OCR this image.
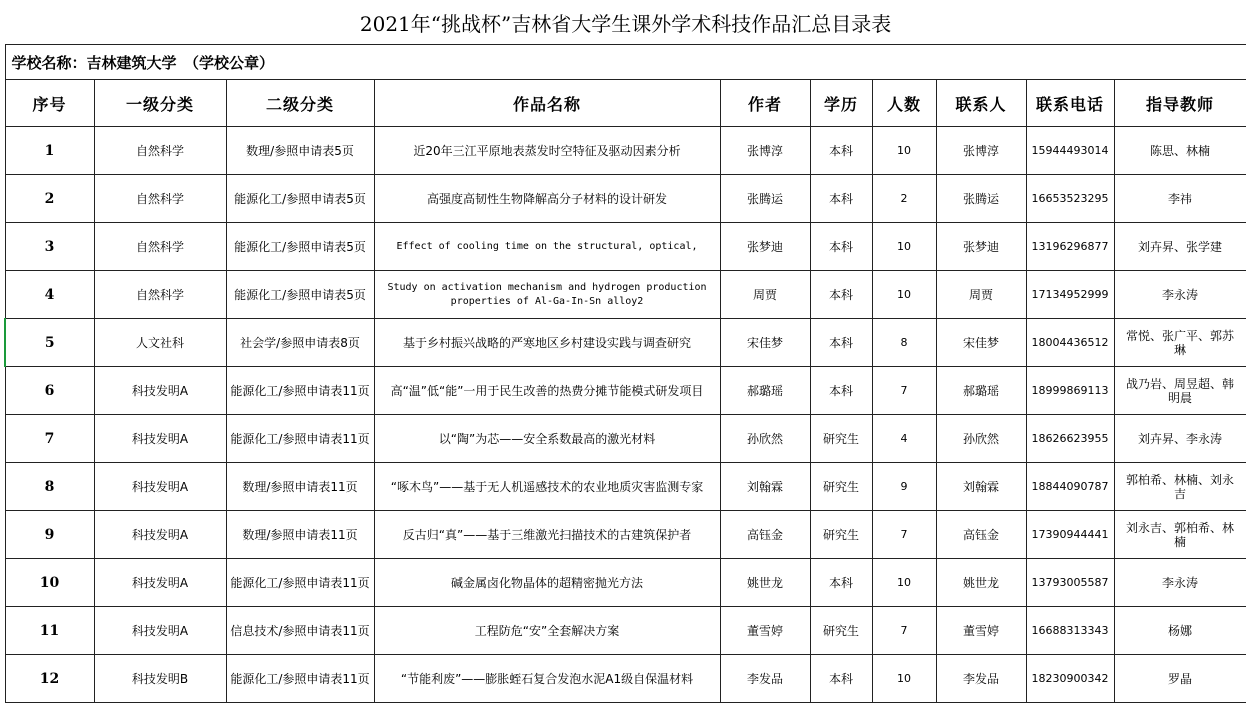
2021年“挑战杯”吉林省大学生课外学术科技作品汇总目录表									
学校名称：吉林建筑大学　（学校公章）									
序号	一级分类	二级分类	作品名称	作者	学历	人数	联系人	联系电话	指导教师
1	自然科学	数理/参照申请表5页	近20年三江平原地表蒸发时空特征及驱动因素分析	张博淳	本科	10	张博淳	15944493014	陈思、林楠
2	自然科学	能源化工/参照申请表5页	高强度高韧性生物降解高分子材料的设计研发	张腾运	本科	2	张腾运	16653523295	李祎
3	自然科学	能源化工/参照申请表5页	Effect of cooling time on the structural, optical,	张梦迪	本科	10	张梦迪	13196296877	刘卉昇、张学建
4	自然科学	能源化工/参照申请表5页	Study on activation mechanism and hydrogen production properties of Al-Ga-In-Sn alloy2	周贾	本科	10	周贾	17134952999	李永涛
5	人文社科	社会学/参照申请表8页	基于乡村振兴战略的严寒地区乡村建设实践与调查研究	宋佳梦	本科	8	宋佳梦	18004436512	常悦、张广平、郭苏琳
6	科技发明A	能源化工/参照申请表11页	高“温”低“能”一用于民生改善的热费分摊节能模式研发项目	郝璐瑶	本科	7	郝璐瑶	18999869113	战乃岩、周昱超、韩明晨
7	科技发明A	能源化工/参照申请表11页	以“陶”为芯——安全系数最高的激光材料	孙欣然	研究生	4	孙欣然	18626623955	刘卉昇、李永涛
8	科技发明A	数理/参照申请表11页	“啄木鸟”——基于无人机遥感技术的农业地质灾害监测专家	刘翰霖	研究生	9	刘翰霖	18844090787	郭柏希、林楠、刘永吉
9	科技发明A	数理/参照申请表11页	反古归“真”——基于三维激光扫描技术的古建筑保护者	高钰金	研究生	7	高钰金	17390944441	刘永吉、郭柏希、林楠
10	科技发明A	能源化工/参照申请表11页	碱金属卤化物晶体的超精密抛光方法	姚世龙	本科	10	姚世龙	13793005587	李永涛
11	科技发明A	信息技术/参照申请表11页	工程防危“安”全套解决方案	董雪婷	研究生	7	董雪婷	16688313343	杨娜
12	科技发明B	能源化工/参照申请表11页	“节能利废”——膨胀蛭石复合发泡水泥A1级自保温材料	李发品	本科	10	李发品	18230900342	罗晶
